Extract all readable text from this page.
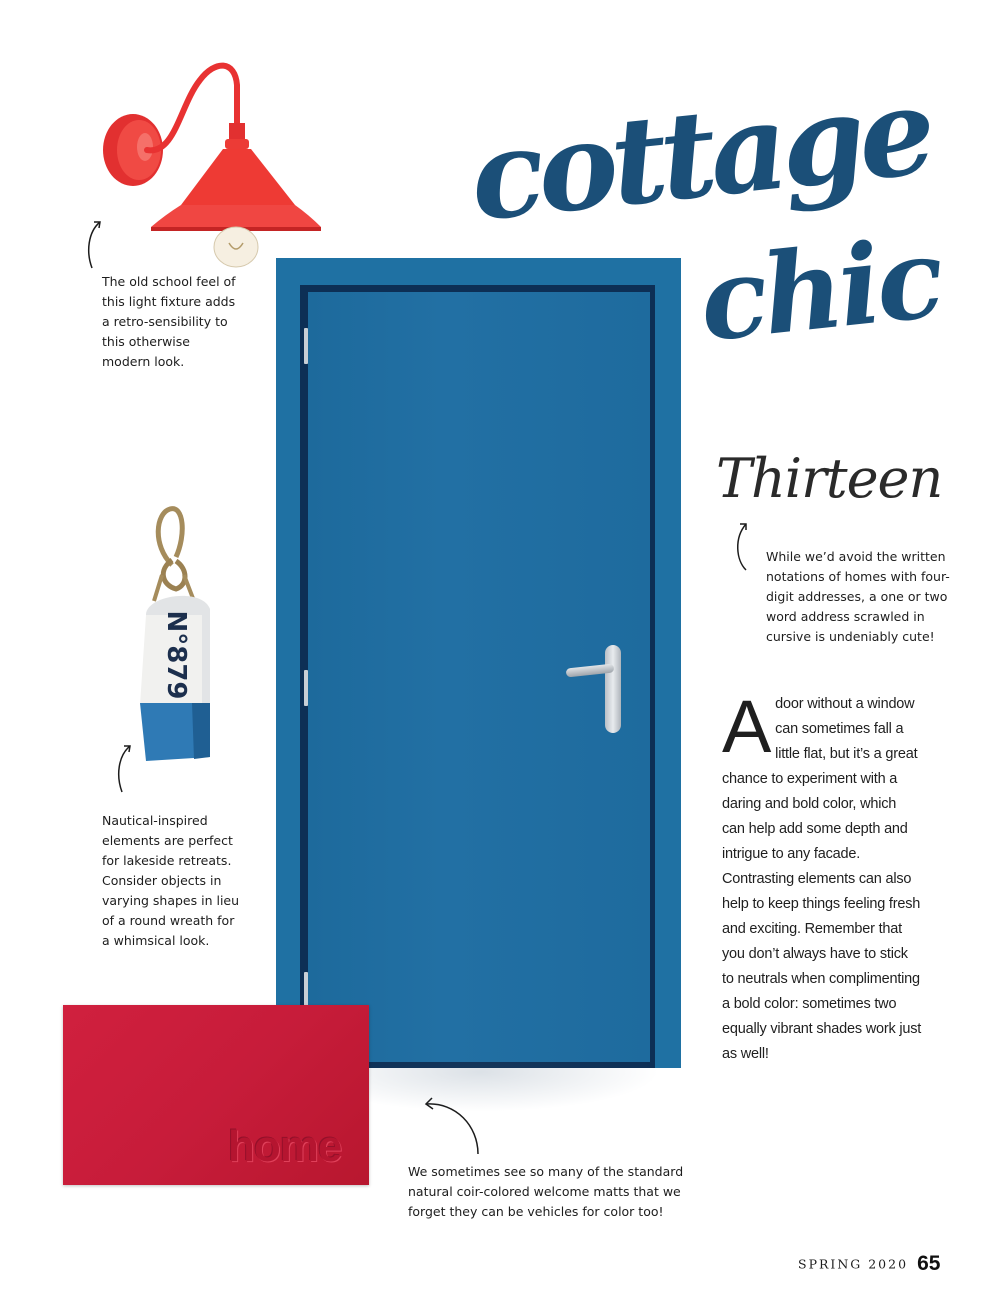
cottage
chic
Thirteen
N°879
The old school feel of this light fixture adds a retro-sensibility to this otherwise modern look.
Nautical-inspired elements are perfect for lakeside retreats. Consider objects in varying shapes in lieu of a round wreath for a whimsical look.
While we’d avoid the written notations of homes with four-digit addresses, a one or two word address scrawled in cursive is undeniably cute!
We sometimes see so many of the standard natural coir-colored welcome matts that we forget they can be vehicles for color too!
A door without a window can sometimes fall a little flat, but it’s a great chance to experiment with a daring and bold color, which can help add some depth and intrigue to any facade. Contrasting elements can also help to keep things feeling fresh and exciting. Remember that you don’t always have to stick to neutrals when complimenting a bold color: sometimes two equally vibrant shades work just as well!
home
SPRING 2020 65
